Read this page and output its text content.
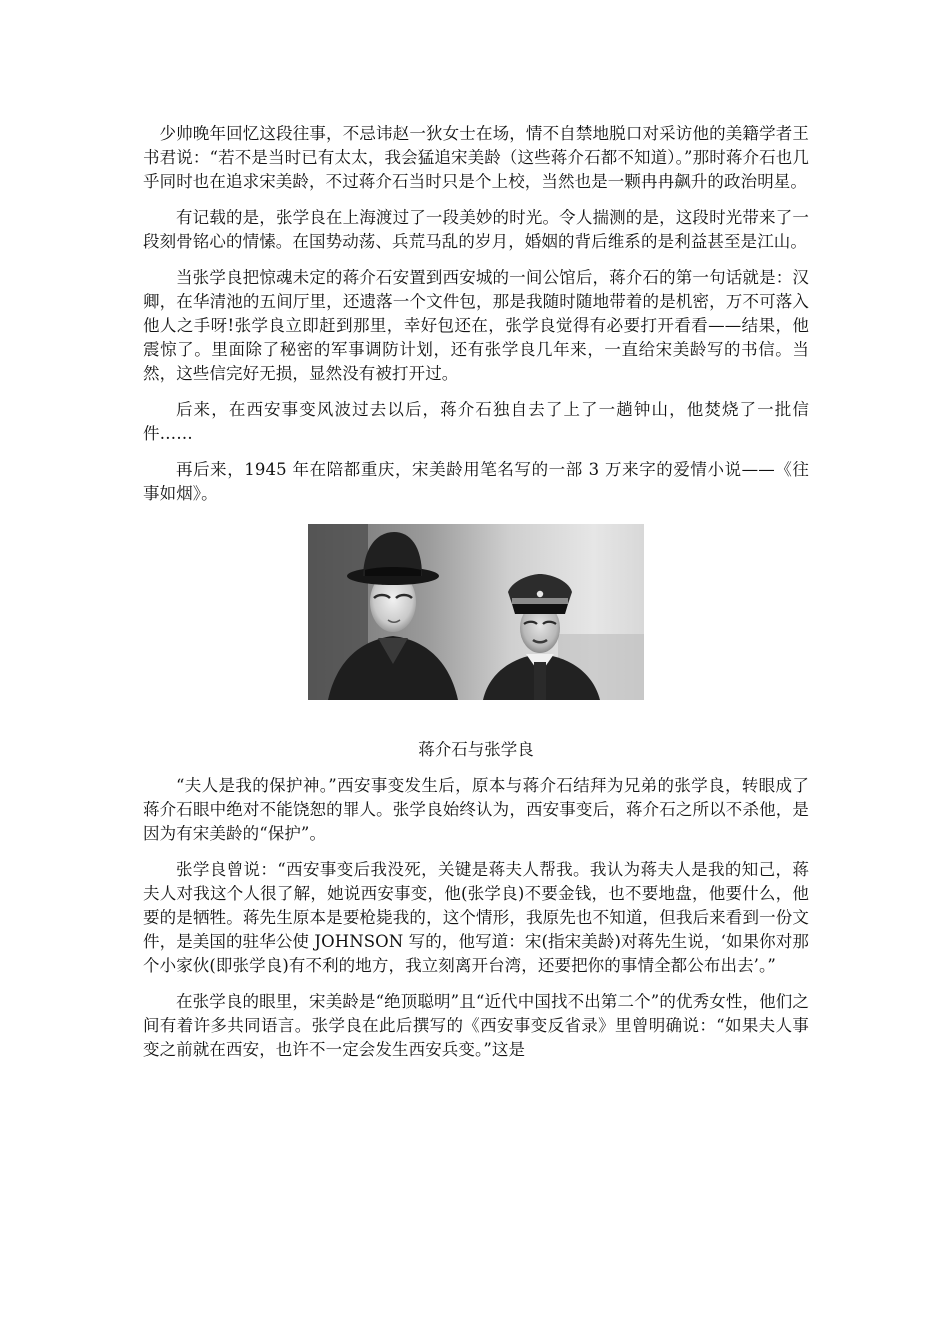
少帅晚年回忆这段往事，不忌讳赵一狄女士在场，情不自禁地脱口对采访他的美籍学者王书君说：“若不是当时已有太太，我会猛追宋美龄（这些蒋介石都不知道）。”那时蒋介石也几乎同时也在追求宋美龄，不过蒋介石当时只是个上校，当然也是一颗冉冉飙升的政治明星。

有记载的是，张学良在上海渡过了一段美妙的时光。令人揣测的是，这段时光带来了一段刻骨铭心的情愫。在国势动荡、兵荒马乱的岁月，婚姻的背后维系的是利益甚至是江山。

当张学良把惊魂未定的蒋介石安置到西安城的一间公馆后，蒋介石的第一句话就是：汉卿，在华清池的五间厅里，还遗落一个文件包，那是我随时随地带着的是机密，万不可落入他人之手呀!张学良立即赶到那里，幸好包还在，张学良觉得有必要打开看看——结果，他震惊了。里面除了秘密的军事调防计划，还有张学良几年来，一直给宋美龄写的书信。当然，这些信完好无损，显然没有被打开过。

后来，在西安事变风波过去以后，蒋介石独自去了上了一趟钟山，他焚烧了一批信件……

再后来，1945 年在陪都重庆，宋美龄用笔名写的一部 3 万来字的爱情小说——《往事如烟》。

蒋介石与张学良

“夫人是我的保护神。”西安事变发生后，原本与蒋介石结拜为兄弟的张学良，转眼成了蒋介石眼中绝对不能饶恕的罪人。张学良始终认为，西安事变后，蒋介石之所以不杀他，是因为有宋美龄的“保护”。

张学良曾说：“西安事变后我没死，关键是蒋夫人帮我。我认为蒋夫人是我的知己，蒋夫人对我这个人很了解，她说西安事变，他(张学良)不要金钱，也不要地盘，他要什么，他要的是牺牲。蒋先生原本是要枪毙我的，这个情形，我原先也不知道，但我后来看到一份文件，是美国的驻华公使 JOHNSON 写的，他写道：宋(指宋美龄)对蒋先生说，‘如果你对那个小家伙(即张学良)有不利的地方，我立刻离开台湾，还要把你的事情全都公布出去’。”

在张学良的眼里，宋美龄是“绝顶聪明”且“近代中国找不出第二个”的优秀女性，他们之间有着许多共同语言。张学良在此后撰写的《西安事变反省录》里曾明确说：“如果夫人事变之前就在西安，也许不一定会发生西安兵变。”这是
